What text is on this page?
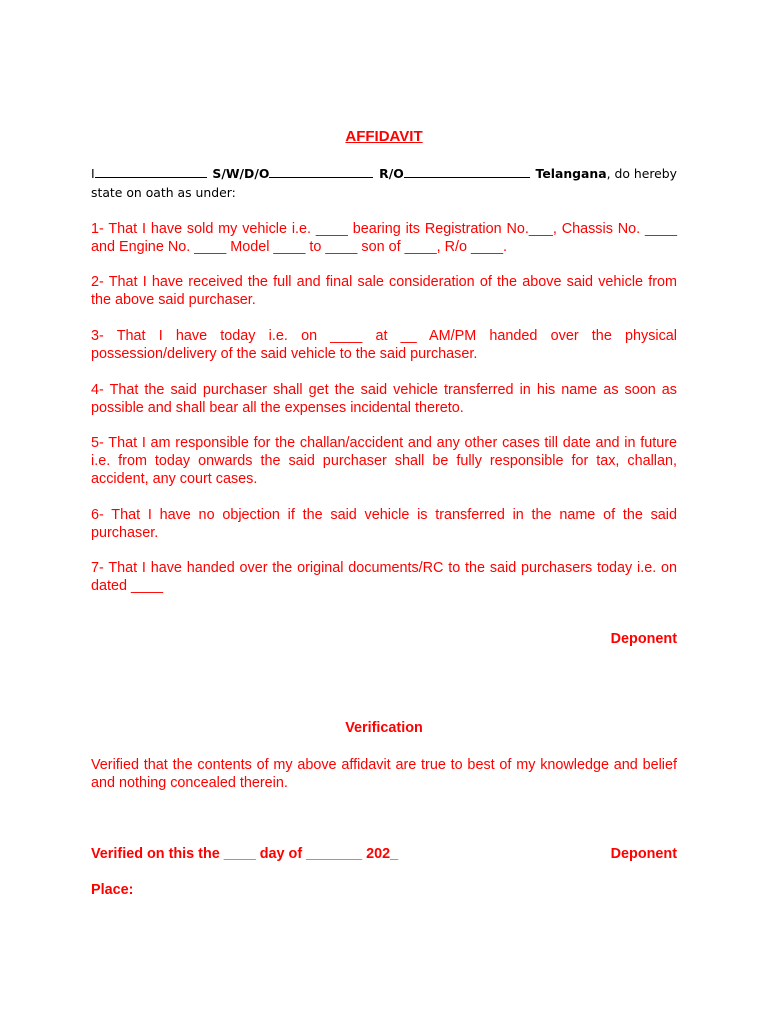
AFFIDAVIT
I	S/W/D/O	R/O	Telangana, do hereby
state on oath as under:

1- That I have sold my vehicle i.e. ____ bearing its Registration No.___, Chassis No. ____ and Engine No. ____ Model ____ to ____ son of ____, R/o ____.

2- That I have received the full and final sale consideration of the above said vehicle from the above said purchaser.

3- That I have today i.e. on ____ at __ AM/PM handed over the physical possession/delivery of the said vehicle to the said purchaser.

4- That the said purchaser shall get the said vehicle transferred in his name as soon as possible and shall bear all the expenses incidental thereto.

5- That I am responsible for the challan/accident and any other cases till date and in future i.e. from today onwards the said purchaser shall be fully responsible for tax, challan, accident, any court cases.

6- That I have no objection if the said vehicle is transferred in the name of the said purchaser.

7- That I have handed over the original documents/RC to the said purchasers today i.e. on dated ____

Deponent
Verification

Verified that the contents of my above affidavit are true to best of my knowledge and belief and nothing concealed therein.

Verified on this the ____ day of _______ 202_	Deponent
Place:
